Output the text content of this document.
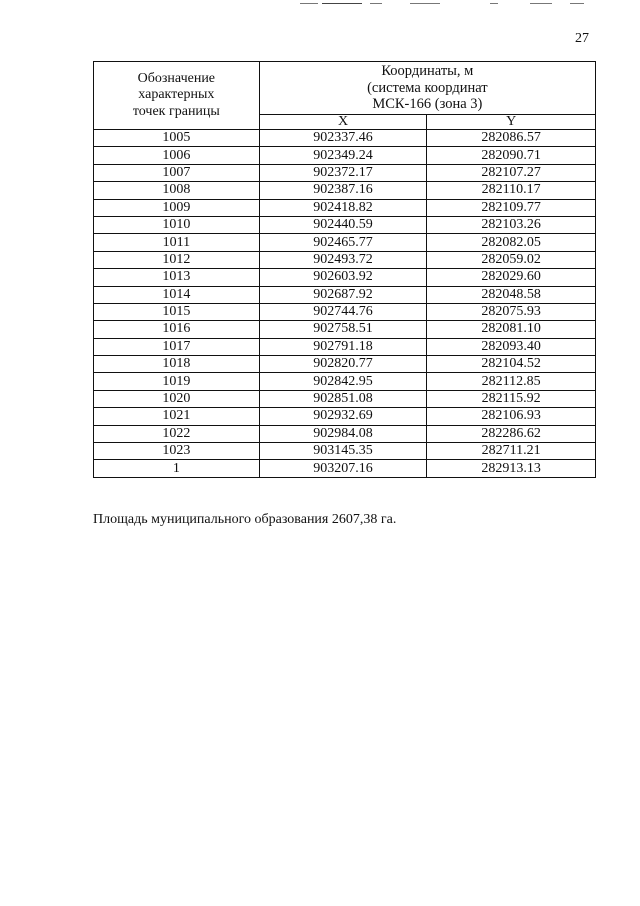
27
Обозначение
характерных
точек границы	Координаты, м
(система координат
МСК-166 (зона 3)	

	X	Y
1005	902337.46	282086.57
1006	902349.24	282090.71
1007	902372.17	282107.27
1008	902387.16	282110.17
1009	902418.82	282109.77
1010	902440.59	282103.26
1011	902465.77	282082.05
1012	902493.72	282059.02
1013	902603.92	282029.60
1014	902687.92	282048.58
1015	902744.76	282075.93
1016	902758.51	282081.10
1017	902791.18	282093.40
1018	902820.77	282104.52
1019	902842.95	282112.85
1020	902851.08	282115.92
1021	902932.69	282106.93
1022	902984.08	282286.62
1023	903145.35	282711.21
1	903207.16	282913.13
Площадь муниципального образования 2607,38 га.
